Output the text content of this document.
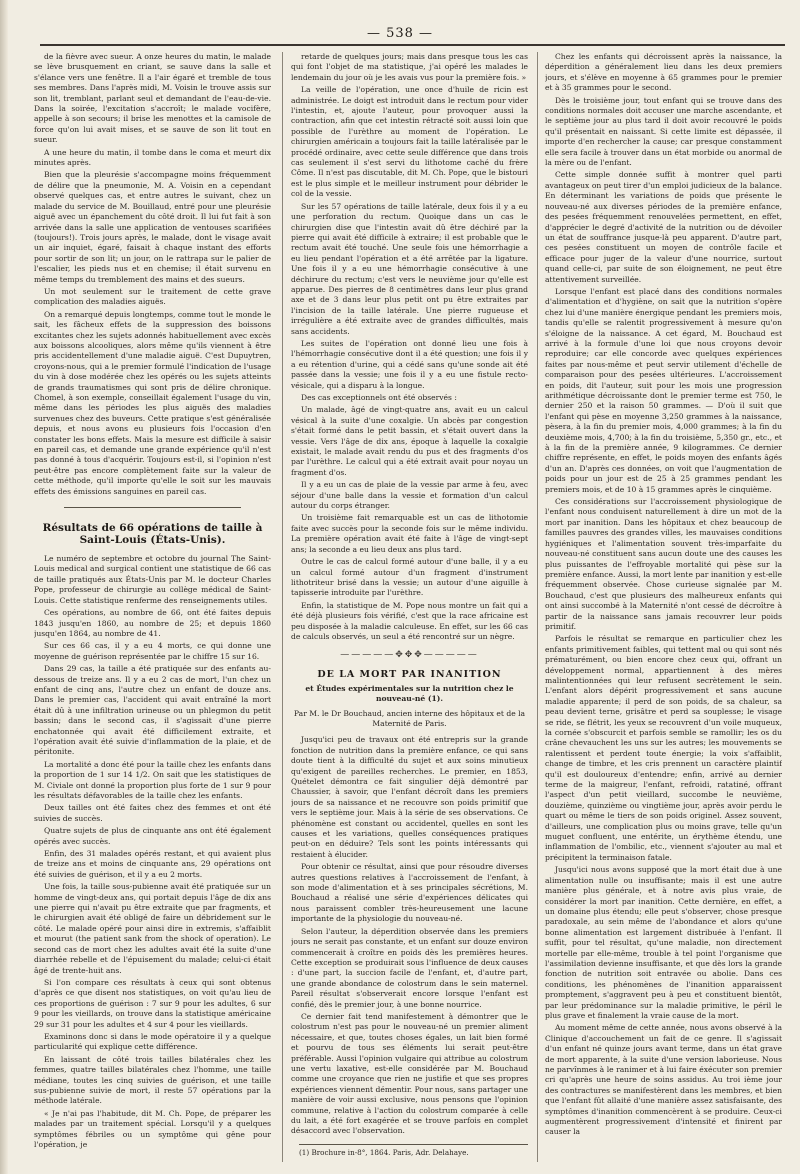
— 538 —

de la fièvre avec sueur. A onze heures du matin, le malade se lève brusquement en criant, se sauve dans la salle et s'élance vers une fenêtre. Il a l'air égaré et tremble de tous ses membres. Dans l'après midi, M. Voisin le trouve assis sur son lit, tremblant, parlant seul et demandant de l'eau-de-vie. Dans la soirée, l'excitation s'accroît; le malade vocifère, appelle à son secours; il brise les menottes et la camisole de force qu'on lui avait mises, et se sauve de son lit tout en sueur.

A une heure du matin, il tombe dans le coma et meurt dix minutes après.

Bien que la pleurésie s'accompagne moins fréquemment de délire que la pneumonie, M. A. Voisin en a cependant observé quelques cas, et entre autres le suivant, chez un malade du service de M. Bouillaud, entré pour une pleurésie aiguë avec un épanchement du côté droit. Il lui fut fait à son arrivée dans la salle une application de ventouses scarifiées (toujours!). Trois jours après, le malade, dont le visage avait un air inquiet, égaré, faisait à chaque instant des efforts pour sortir de son lit; un jour, on le rattrapa sur le palier de l'escalier, les pieds nus et en chemise; il était survenu en même temps du tremblement des mains et des sueurs.

Un mot seulement sur le traitement de cette grave complication des maladies aiguës.

On a remarqué depuis longtemps, comme tout le monde le sait, les fâcheux effets de la suppression des boissons excitantes chez les sujets adonnés habituellement avec excès aux boissons alcooliques, alors même qu'ils viennent à être pris accidentellement d'une maladie aiguë. C'est Dupuytren, croyons-nous, qui a le premier formulé l'indication de l'usage du vin à dose modérée chez les opérés ou les sujets atteints de grands traumatismes qui sont pris de délire chronique. Chomel, à son exemple, conseillait également l'usage du vin, même dans les périodes les plus aiguës des maladies survenues chez des buveurs. Cette pratique s'est généralisée depuis, et nous avons eu plusieurs fois l'occasion d'en constater les bons effets. Mais la mesure est difficile à saisir en pareil cas, et demande une grande expérience qu'il n'est pas donné à tous d'acquérir. Toujours est-il, si l'opinion n'est peut-être pas encore complètement faite sur la valeur de cette méthode, qu'il importe qu'elle le soit sur les mauvais effets des émissions sanguines en pareil cas.

Résultats de 66 opérations de taille à Saint-Louis (États-Unis).

Le numéro de septembre et octobre du journal The Saint-Louis medical and surgical contient une statistique de 66 cas de taille pratiqués aux États-Unis par M. le docteur Charles Pope, professeur de chirurgie au collège médical de Saint-Louis. Cette statistique renferme des renseignements utiles.

Ces opérations, au nombre de 66, ont été faites depuis 1843 jusqu'en 1860, au nombre de 25; et depuis 1860 jusqu'en 1864, au nombre de 41.

Sur ces 66 cas, il y a eu 4 morts, ce qui donne une moyenne de guérison représentée par le chiffre 15 sur 16.

Dans 29 cas, la taille a été pratiquée sur des enfants au-dessous de treize ans. Il y a eu 2 cas de mort, l'un chez un enfant de cinq ans, l'autre chez un enfant de douze ans. Dans le premier cas, l'accident qui avait entraîné la mort était dû à une infiltration urineuse ou un phlegmon du petit bassin; dans le second cas, il s'agissait d'une pierre enchatonnée qui avait été difficilement extraite, et l'opération avait été suivie d'inflammation de la plaie, et de péritonite.

La mortalité a donc été pour la taille chez les enfants dans la proportion de 1 sur 14 1/2. On sait que les statistiques de M. Civiale ont donné la proportion plus forte de 1 sur 9 pour les résultats défavorables de la taille chez les enfants.

Deux tailles ont été faites chez des femmes et ont été suivies de succès.

Quatre sujets de plus de cinquante ans ont été également opérés avec succès.

Enfin, des 31 malades opérés restant, et qui avaient plus de treize ans et moins de cinquante ans, 29 opérations ont été suivies de guérison, et il y a eu 2 morts.

Une fois, la taille sous-pubienne avait été pratiquée sur un homme de vingt-deux ans, qui portait depuis l'âge de dix ans une pierre qui n'avait pu être extraite que par fragments, et le chirurgien avait été obligé de faire un débridement sur le côté. Le malade opéré pour ainsi dire in extremis, s'affaiblit et mourut (the patient sank from the shock of operation). Le second cas de mort chez les adultes avait été la suite d'une diarrhée rebelle et de l'épuisement du malade; celui-ci était âgé de trente-huit ans.

Si l'on compare ces résultats à ceux qui sont obtenus d'après ce que disent nos statistiques, on voit qu'au lieu de ces proportions de guérison : 7 sur 9 pour les adultes, 6 sur 9 pour les vieillards, on trouve dans la statistique américaine 29 sur 31 pour les adultes et 4 sur 4 pour les vieillards.

Examinons donc si dans le mode opératoire il y a quelque particularité qui explique cette différence.

En laissant de côté trois tailles bilatérales chez les femmes, quatre tailles bilatérales chez l'homme, une taille médiane, toutes les cinq suivies de guérison, et une taille sus-pubienne suivie de mort, il reste 57 opérations par la méthode latérale.

« Je n'ai pas l'habitude, dit M. Ch. Pope, de préparer les malades par un traitement spécial. Lorsqu'il y a quelques symptômes fébriles ou un symptôme qui gêne pour l'opération, je

retarde de quelques jours; mais dans presque tous les cas qui font l'objet de ma statistique, j'ai opéré les malades le lendemain du jour où je les avais vus pour la première fois. »

La veille de l'opération, une once d'huile de ricin est administrée. Le doigt est introduit dans le rectum pour vider l'intestin, et, ajoute l'auteur, pour provoquer aussi la contraction, afin que cet intestin rétracté soit aussi loin que possible de l'urèthre au moment de l'opération. Le chirurgien américain a toujours fait la taille latéralisée par le procédé ordinaire, avec cette seule différence que dans trois cas seulement il s'est servi du lithotome caché du frère Côme. Il n'est pas discutable, dit M. Ch. Pope, que le bistouri est le plus simple et le meilleur instrument pour débrider le col de la vessie.

Sur les 57 opérations de taille latérale, deux fois il y a eu une perforation du rectum. Quoique dans un cas le chirurgien dise que l'intestin avait dû être déchiré par la pierre qui avait été difficile à extraire; il est probable que le rectum avait été touché. Une seule fois une hémorrhagie a eu lieu pendant l'opération et a été arrêtée par la ligature. Une fois il y a eu une hémorrhagie consécutive à une déchirure du rectum; c'est vers le neuvième jour qu'elle est apparue. Des pierres de 8 centimètres dans leur plus grand axe et de 3 dans leur plus petit ont pu être extraites par l'incision de la taille latérale. Une pierre rugueuse et irrégulière a été extraite avec de grandes difficultés, mais sans accidents.

Les suites de l'opération ont donné lieu une fois à l'hémorrhagie consécutive dont il a été question; une fois il y a eu rétention d'urine, qui a cédé sans qu'une sonde ait été passée dans la vessie; une fois il y a eu une fistule recto-vésicale, qui a disparu à la longue.

Des cas exceptionnels ont été observés :

Un malade, âgé de vingt-quatre ans, avait eu un calcul vésical à la suite d'une coxalgie. Un abcès par congestion s'était formé dans le petit bassin, et s'était ouvert dans la vessie. Vers l'âge de dix ans, époque à laquelle la coxalgie existait, le malade avait rendu du pus et des fragments d'os par l'urèthre. Le calcul qui a été extrait avait pour noyau un fragment d'os.

Il y a eu un cas de plaie de la vessie par arme à feu, avec séjour d'une balle dans la vessie et formation d'un calcul autour du corps étranger.

Un troisième fait remarquable est un cas de lithotomie faite avec succès pour la seconde fois sur le même individu. La première opération avait été faite à l'âge de vingt-sept ans; la seconde a eu lieu deux ans plus tard.

Outre le cas de calcul formé autour d'une balle, il y a eu un calcul formé autour d'un fragment d'instrument lithotriteur brisé dans la vessie; un autour d'une aiguille à tapisserie introduite par l'urèthre.

Enfin, la statistique de M. Pope nous montre un fait qui a été déjà plusieurs fois vérifié, c'est que la race africaine est peu disposée à la maladie calculeuse. En effet, sur les 66 cas de calculs observés, un seul a été rencontré sur un nègre.

—————✥✥✥—————
DE LA MORT PAR INANITION
et Études expérimentales sur la nutrition chez le nouveau-né (1).
Par M. le Dr Bouchaud, ancien interne des hôpitaux et de la Maternité de Paris.

Jusqu'ici peu de travaux ont été entrepris sur la grande fonction de nutrition dans la première enfance, ce qui sans doute tient à la difficulté du sujet et aux soins minutieux qu'exigent de pareilles recherches. Le premier, en 1853, Quételet démontra ce fait singulier déjà démontré par Chaussier, à savoir, que l'enfant décroît dans les premiers jours de sa naissance et ne recouvre son poids primitif que vers le septième jour. Mais à la série de ses observations. Ce phénomène est constant ou accidentel, quelles en sont les causes et les variations, quelles conséquences pratiques peut-on en déduire? Tels sont les points intéressants qui restaient à élucider.

Pour obtenir ce résultat, ainsi que pour résoudre diverses autres questions relatives à l'accroissement de l'enfant, à son mode d'alimentation et à ses principales sécrétions, M. Bouchaud a réalisé une série d'expériences délicates qui nous paraissent combler très-heureusement une lacune importante de la physiologie du nouveau-né.

Selon l'auteur, la déperdition observée dans les premiers jours ne serait pas constante, et un enfant sur douze environ commencerait à croître en poids dès les premières heures. Cette exception se produirait sous l'influence de deux causes : d'une part, la succion facile de l'enfant, et, d'autre part, une grande abondance de colostrum dans le sein maternel. Pareil résultat s'observerait encore lorsque l'enfant est confié, dès le premier jour, à une bonne nourrice.

Ce dernier fait tend manifestement à démontrer que le colostrum n'est pas pour le nouveau-né un premier aliment nécessaire, et que, toutes choses égales, un lait bien formé et pourvu de tous ses éléments lui serait peut-être préférable. Aussi l'opinion vulgaire qui attribue au colostrum une vertu laxative, est-elle considérée par M. Bouchaud comme une croyance que rien ne justifie et que ses propres expériences viennent démentir. Pour nous, sans partager une manière de voir aussi exclusive, nous pensons que l'opinion commune, relative à l'action du colostrum comparée à celle du lait, a été fort exagérée et se trouve parfois en complet désaccord avec l'observation.

(1) Brochure in-8°, 1864. Paris, Adr. Delahaye.

Chez les enfants qui décroissent après la naissance, la déperdition a généralement lieu dans les deux premiers jours, et s'élève en moyenne à 65 grammes pour le premier et à 35 grammes pour le second.

Dès le troisième jour, tout enfant qui se trouve dans des conditions normales doit accuser une marche ascendante, et le septième jour au plus tard il doit avoir recouvré le poids qu'il présentait en naissant. Si cette limite est dépassée, il importe d'en rechercher la cause; car presque constamment elle sera facile à trouver dans un état morbide ou anormal de la mère ou de l'enfant.

Cette simple donnée suffit à montrer quel parti avantageux on peut tirer d'un emploi judicieux de la balance. En déterminant les variations de poids que présente le nouveau-né aux diverses périodes de la première enfance, des pesées fréquemment renouvelées permettent, en effet, d'apprécier le degré d'activité de la nutrition ou de dévoiler un état de souffrance jusque-là peu apparent. D'autre part, ces pesées constituent un moyen de contrôle facile et efficace pour juger de la valeur d'une nourrice, surtout quand celle-ci, par suite de son éloignement, ne peut être attentivement surveillée.

Lorsque l'enfant est placé dans des conditions normales d'alimentation et d'hygiène, on sait que la nutrition s'opère chez lui d'une manière énergique pendant les premiers mois, tandis qu'elle se ralentit progressivement à mesure qu'on s'éloigne de la naissance. A cet égard, M. Bouchaud est arrivé à la formule d'une loi que nous croyons devoir reproduire; car elle concorde avec quelques expériences faites par nous-même et peut servir utilement d'échelle de comparaison pour des pesées ultérieures. L'accroissement en poids, dit l'auteur, suit pour les mois une progression arithmétique décroissante dont le premier terme est 750, le dernier 250 et la raison 50 grammes. — D'où il suit que l'enfant qui pèse en moyenne 3,250 grammes à la naissance, pèsera, à la fin du premier mois, 4,000 grammes; à la fin du deuxième mois, 4,700; à la fin du troisième, 5,350 gr., etc., et à la fin de la première année, 9 kilogrammes. Ce dernier chiffre représente, en effet, le poids moyen des enfants âgés d'un an. D'après ces données, on voit que l'augmentation de poids pour un jour est de 25 à 25 grammes pendant les premiers mois, et de 10 à 15 grammes après le cinquième.

Ces considérations sur l'accroissement physiologique de l'enfant nous conduisent naturellement à dire un mot de la mort par inanition. Dans les hôpitaux et chez beaucoup de familles pauvres des grandes villes, les mauvaises conditions hygiéniques et l'alimentation souvent très-imparfaite du nouveau-né constituent sans aucun doute une des causes les plus puissantes de l'effroyable mortalité qui pèse sur la première enfance. Aussi, la mort lente par inanition y est-elle fréquemment observée. Chose curieuse signalée par M. Bouchaud, c'est que plusieurs des malheureux enfants qui ont ainsi succombé à la Maternité n'ont cessé de décroître à partir de la naissance sans jamais recouvrer leur poids primitif.

Parfois le résultat se remarque en particulier chez les enfants primitivement faibles, qui tettent mal ou qui sont nés prématurément, ou bien encore chez ceux qui, offrant un développement normal, appartiennent à des mères malintentionnées qui leur refusent secrètement le sein. L'enfant alors dépérit progressivement et sans aucune maladie apparente; il perd de son poids, de sa chaleur, sa peau devient terne, grisâtre et perd sa souplesse; le visage se ride, se flétrit, les yeux se recouvrent d'un voile muqueux, la cornée s'obscurcit et parfois semble se ramollir; les os du crâne chevauchent les uns sur les autres; les mouvements se ralentissent et perdent toute énergie; la voix s'affaiblit, change de timbre, et les cris prennent un caractère plaintif qu'il est douloureux d'entendre; enfin, arrivé au dernier terme de la maigreur, l'enfant, refroidi, ratatiné, offrant l'aspect d'un petit vieillard, succombe le neuvième, douzième, quinzième ou vingtième jour, après avoir perdu le quart ou même le tiers de son poids originel. Assez souvent, d'ailleurs, une complication plus ou moins grave, telle qu'un muguet confluent, une entérite, un érythème étendu, une inflammation de l'ombilic, etc., viennent s'ajouter au mal et précipitent la terminaison fatale.

Jusqu'ici nous avons supposé que la mort était due à une alimentation nulle ou insuffisante; mais il est une autre manière plus générale, et à notre avis plus vraie, de considérer la mort par inanition. Cette dernière, en effet, a un domaine plus étendu; elle peut s'observer, chose presque paradoxale, au sein même de l'abondance et alors qu'une bonne alimentation est largement distribuée à l'enfant. Il suffit, pour tel résultat, qu'une maladie, non directement mortelle par elle-même, trouble à tel point l'organisme que l'assimilation devienne insuffisante, et que dès lors la grande fonction de nutrition soit entravée ou abolie. Dans ces conditions, les phénomènes de l'inanition apparaissent promptement, s'aggravent peu à peu et constituent bientôt, par leur prédominance sur la maladie primitive, le péril le plus grave et finalement la vraie cause de la mort.

Au moment même de cette année, nous avons observé à la Clinique d'accouchement un fait de ce genre. Il s'agissait d'un enfant né quinze jours avant terme, dans un état grave de mort apparente, à la suite d'une version laborieuse. Nous ne parvînmes à le ranimer et à lui faire éxécuter son premier cri qu'après une heure de soins assidus. Au troi ième jour des contractures se manifestèrent dans les membres, et bien que l'enfant fût allaité d'une manière assez satisfaisante, des symptômes d'inanition commencèrent à se produire. Ceux-ci augmentèrent progressivement d'intensité et finirent par causer la
